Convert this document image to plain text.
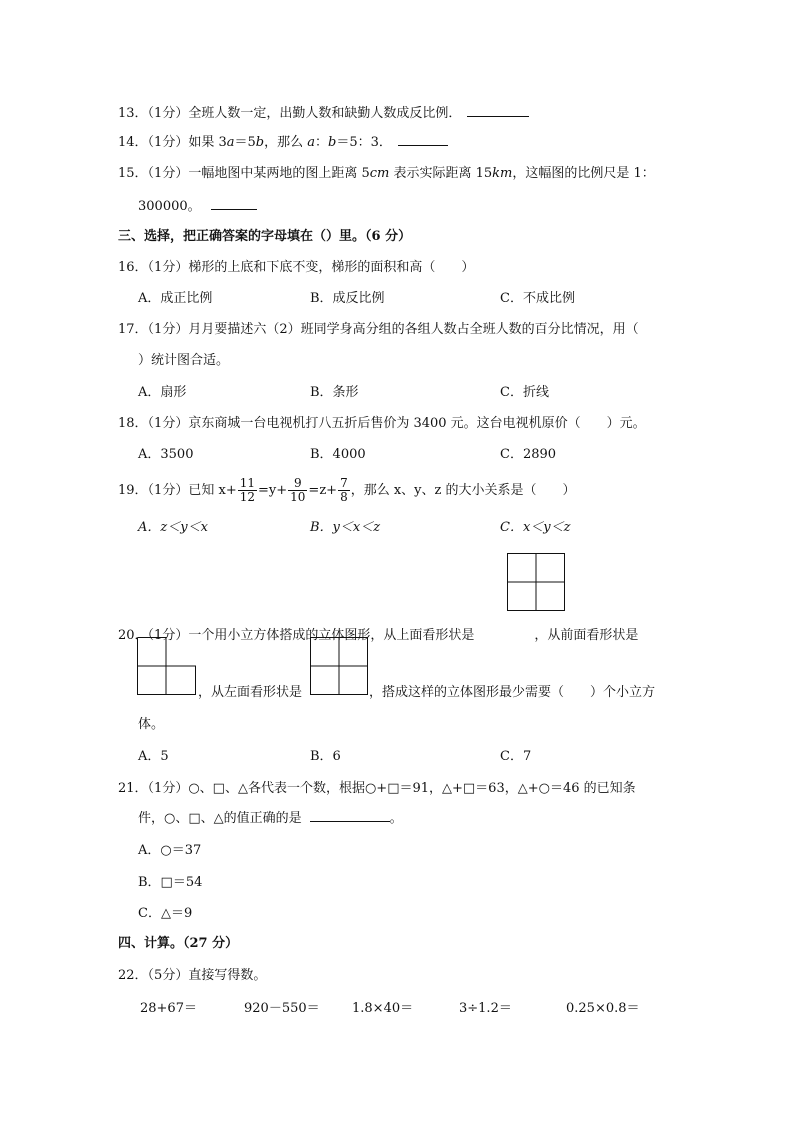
13．（1分）全班人数一定，出勤人数和缺勤人数成反比例．
14．（1分）如果 3a＝5b，那么 a：b＝5：3．
15．（1分）一幅地图中某两地的图上距离 5cm 表示实际距离 15km，这幅图的比例尺是 1：
300000。
三、选择，把正确答案的字母填在（）里。（6 分）
16．（1分）梯形的上底和下底不变，梯形的面积和高（　　）
A．成正比例	B．成反比例	C．不成比例
17．（1分）月月要描述六（2）班同学身高分组的各组人数占全班人数的百分比情况，用（
）统计图合适。
A．扇形	B．条形	C．折线
18．（1分）京东商城一台电视机打八五折后售价为 3400 元。这台电视机原价（　　）元。
A．3500	B．4000	C．2890
19．（1分）已知 $x+ \frac{11}{12} =y+ \frac{9}{10} =z+ \frac{7}{8}$ ，那么 x、y、z 的大小关系是（　　）
A．z＜y＜x	B．y＜x＜z	C．x＜y＜z
20．（1分）一个用小立方体搭成的立体图形，从上面看形状是	，从前面看形状是
，从左面看形状是	，搭成这样的立体图形最少需要（　　）个小立方
体。
A．5	B．6	C．7
21．（1分）○、□、△各代表一个数，根据○+□＝91，△+□＝63，△+○＝46 的已知条
件，○、□、△的值正确的是	。
A．○＝37
B．□＝54
C．△＝9
四、计算。（27 分）
22．（5分）直接写得数。
28+67＝	920－550＝ 1.8×40＝	3÷1.2＝	0.25×0.8＝
